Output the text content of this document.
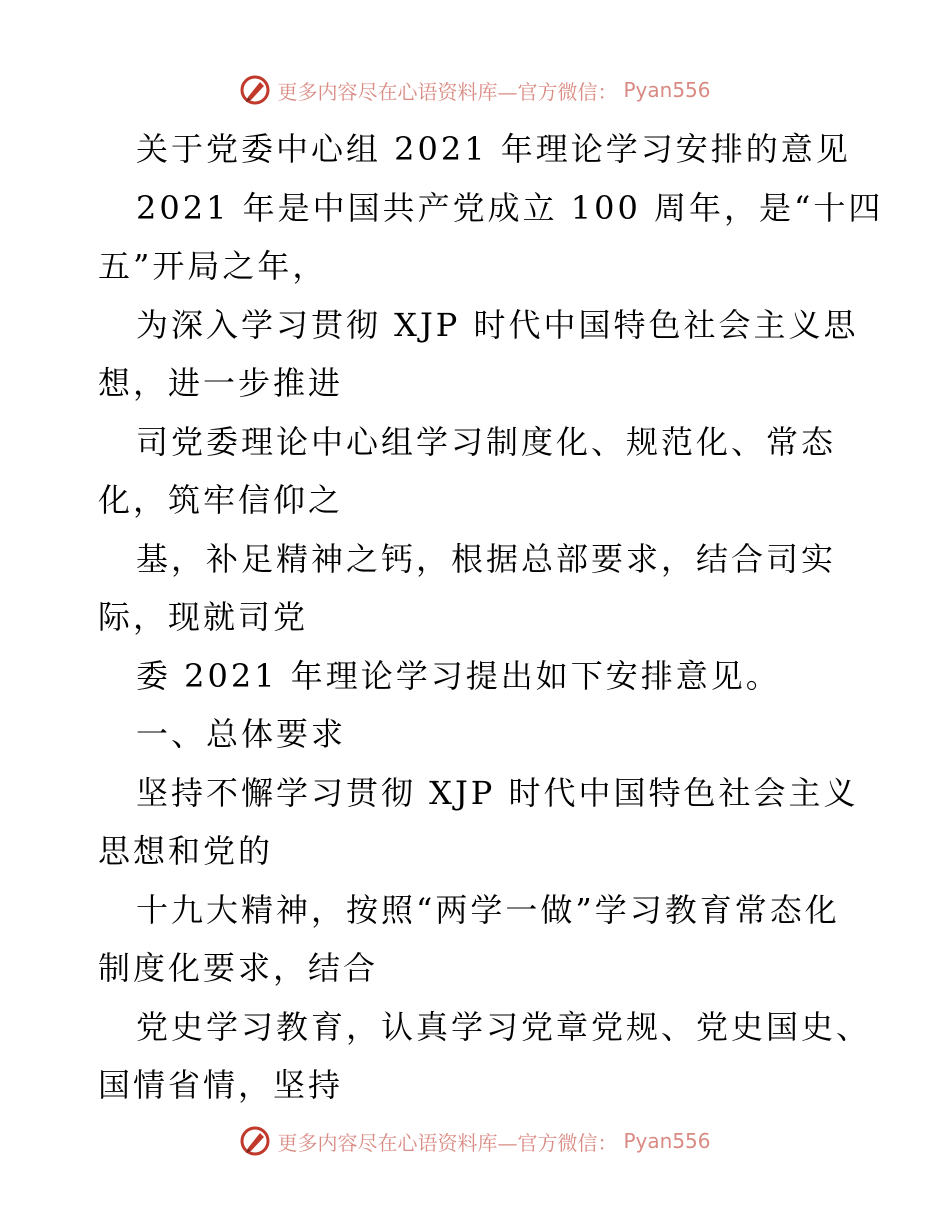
更多内容尽在心语资料库—官方微信： Pyan556
关于党委中心组 2021 年理论学习安排的意见
2021 年是中国共产党成立 100 周年，是“十四
五”开局之年，
为深入学习贯彻 XJP 时代中国特色社会主义思
想，进一步推进
司党委理论中心组学习制度化、规范化、常态
化，筑牢信仰之
基，补足精神之钙，根据总部要求，结合司实
际，现就司党
委 2021 年理论学习提出如下安排意见。
一、总体要求
坚持不懈学习贯彻 XJP 时代中国特色社会主义
思想和党的
十九大精神，按照“两学一做”学习教育常态化
制度化要求，结合
党史学习教育，认真学习党章党规、党史国史、
国情省情，坚持
更多内容尽在心语资料库—官方微信： Pyan556
